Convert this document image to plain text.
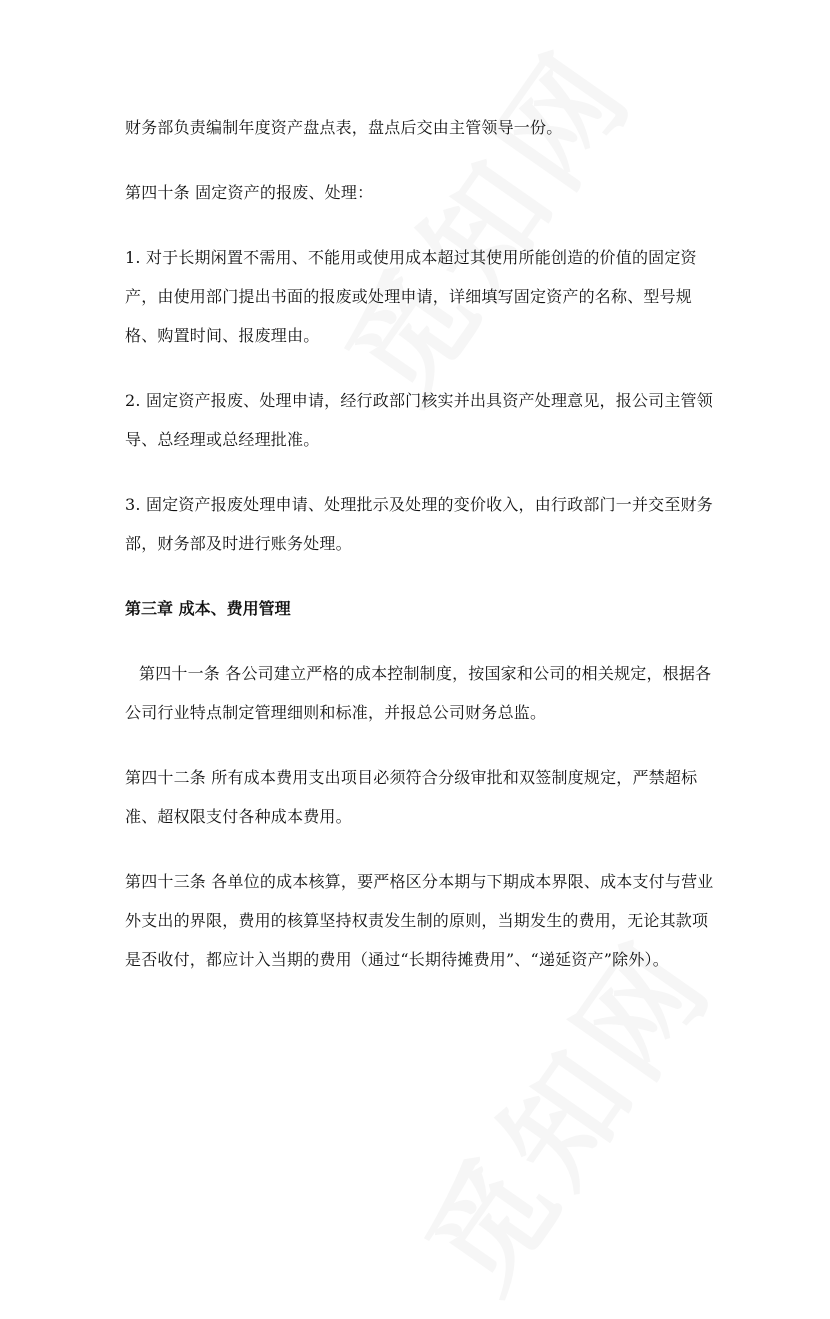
财务部负责编制年度资产盘点表，盘点后交由主管领导一份。

第四十条 固定资产的报废、处理：

1. 对于长期闲置不需用、不能用或使用成本超过其使用所能创造的价值的固定资产，由使用部门提出书面的报废或处理申请，详细填写固定资产的名称、型号规格、购置时间、报废理由。

2. 固定资产报废、处理申请，经行政部门核实并出具资产处理意见，报公司主管领导、总经理或总经理批准。

3. 固定资产报废处理申请、处理批示及处理的变价收入，由行政部门一并交至财务部，财务部及时进行账务处理。

第三章 成本、费用管理

第四十一条 各公司建立严格的成本控制制度，按国家和公司的相关规定，根据各公司行业特点制定管理细则和标准，并报总公司财务总监。

第四十二条 所有成本费用支出项目必须符合分级审批和双签制度规定，严禁超标准、超权限支付各种成本费用。

第四十三条 各单位的成本核算，要严格区分本期与下期成本界限、成本支付与营业外支出的界限，费用的核算坚持权责发生制的原则，当期发生的费用，无论其款项是否收付，都应计入当期的费用（通过“长期待摊费用”、“递延资产”除外）。
